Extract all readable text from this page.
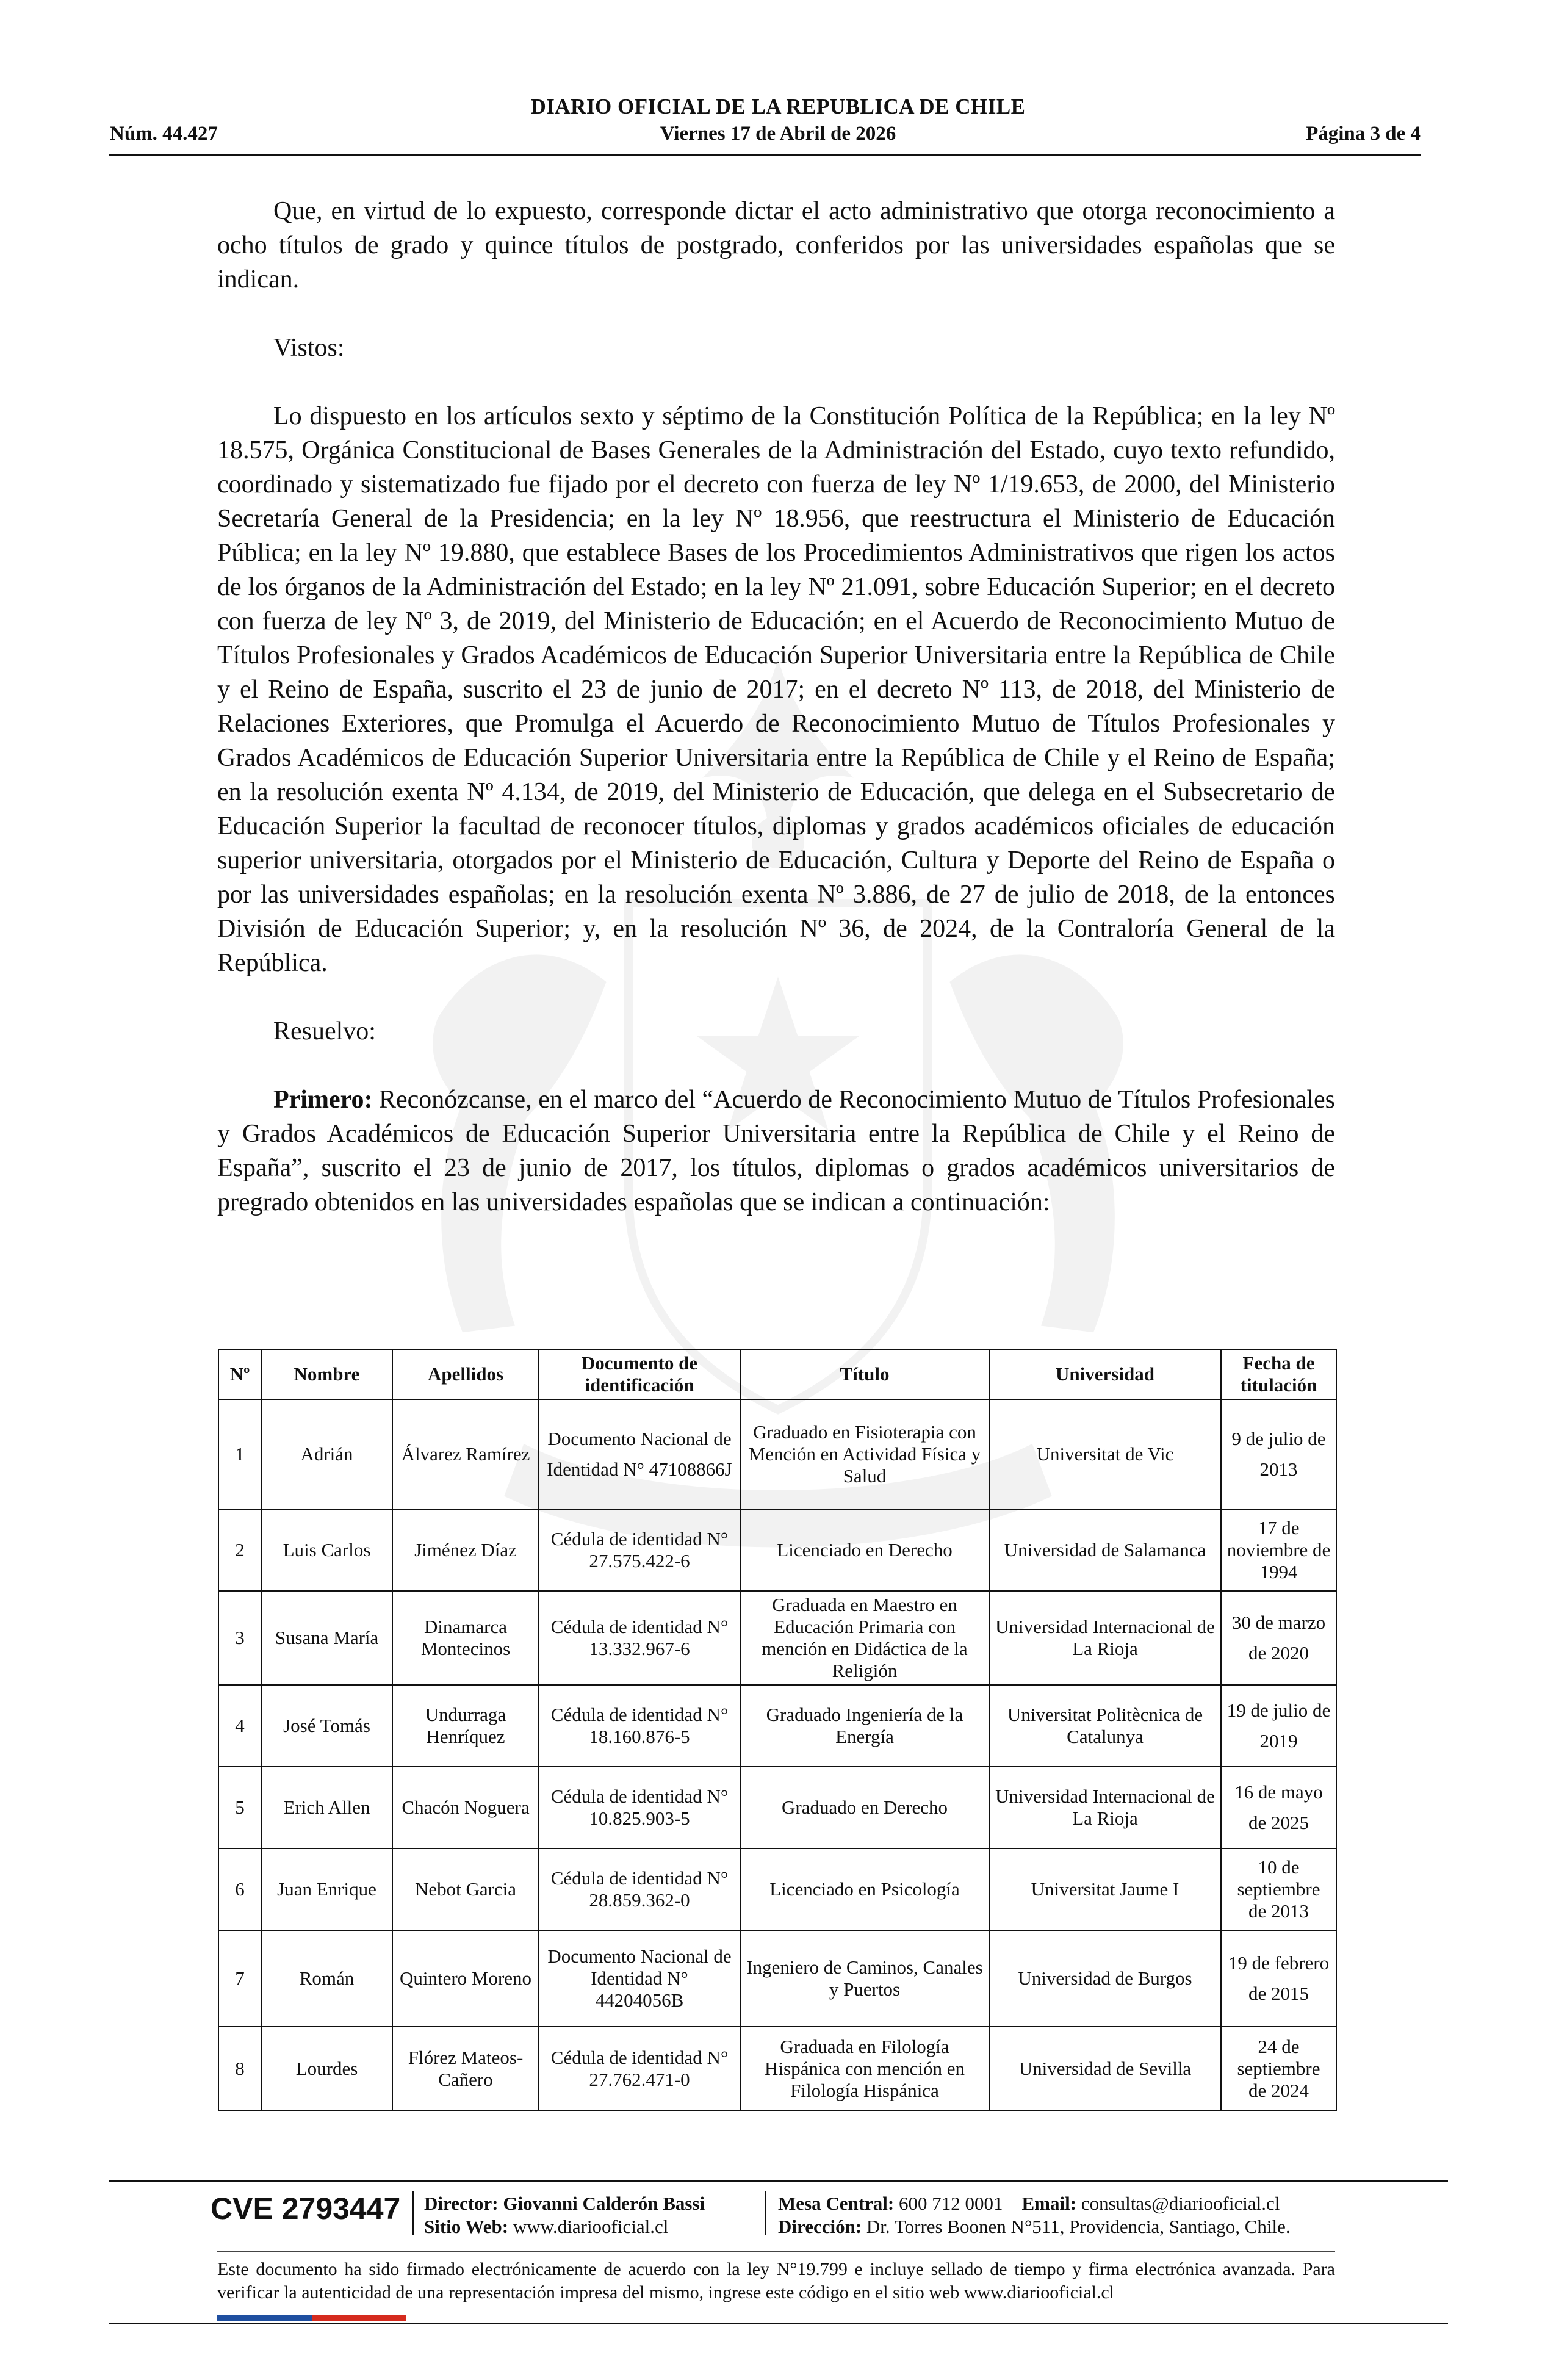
DIARIO OFICIAL DE LA REPUBLICA DE CHILE
Núm. 44.427	Viernes 17 de Abril de 2026	Página 3 de 4

Que, en virtud de lo expuesto, corresponde dictar el acto administrativo que otorga reconocimiento a ocho títulos de grado y quince títulos de postgrado, conferidos por las universidades españolas que se indican.

Vistos:

Lo dispuesto en los artículos sexto y séptimo de la Constitución Política de la República; en la ley Nº 18.575, Orgánica Constitucional de Bases Generales de la Administración del Estado, cuyo texto refundido, coordinado y sistematizado fue fijado por el decreto con fuerza de ley Nº 1/19.653, de 2000, del Ministerio Secretaría General de la Presidencia; en la ley Nº 18.956, que reestructura el Ministerio de Educación Pública; en la ley Nº 19.880, que establece Bases de los Procedimientos Administrativos que rigen los actos de los órganos de la Administración del Estado; en la ley Nº 21.091, sobre Educación Superior; en el decreto con fuerza de ley Nº 3, de 2019, del Ministerio de Educación; en el Acuerdo de Reconocimiento Mutuo de Títulos Profesionales y Grados Académicos de Educación Superior Universitaria entre la República de Chile y el Reino de España, suscrito el 23 de junio de 2017; en el decreto Nº 113, de 2018, del Ministerio de Relaciones Exteriores, que Promulga el Acuerdo de Reconocimiento Mutuo de Títulos Profesionales y Grados Académicos de Educación Superior Universitaria entre la República de Chile y el Reino de España; en la resolución exenta Nº 4.134, de 2019, del Ministerio de Educación, que delega en el Subsecretario de Educación Superior la facultad de reconocer títulos, diplomas y grados académicos oficiales de educación superior universitaria, otorgados por el Ministerio de Educación, Cultura y Deporte del Reino de España o por las universidades españolas; en la resolución exenta Nº 3.886, de 27 de julio de 2018, de la entonces División de Educación Superior; y, en la resolución Nº 36, de 2024, de la Contraloría General de la República.

Resuelvo:

Primero: Reconózcanse, en el marco del “Acuerdo de Reconocimiento Mutuo de Títulos Profesionales y Grados Académicos de Educación Superior Universitaria entre la República de Chile y el Reino de España”, suscrito el 23 de junio de 2017, los títulos, diplomas o grados académicos universitarios de pregrado obtenidos en las universidades españolas que se indican a continuación:

Nº	Nombre	Apellidos	Documento de identificación	Título	Universidad	Fecha de titulación
1	Adrián	Álvarez Ramírez	Documento Nacional de Identidad N° 47108866J	Graduado en Fisioterapia con Mención en Actividad Física y Salud	Universitat de Vic	9 de julio de 2013
2	Luis Carlos	Jiménez Díaz	Cédula de identidad N° 27.575.422-6	Licenciado en Derecho	Universidad de Salamanca	17 de noviembre de 1994
3	Susana María	Dinamarca Montecinos	Cédula de identidad N° 13.332.967-6	Graduada en Maestro en Educación Primaria con mención en Didáctica de la Religión	Universidad Internacional de La Rioja	30 de marzo de 2020
4	José Tomás	Undurraga Henríquez	Cédula de identidad N° 18.160.876-5	Graduado Ingeniería de la Energía	Universitat Politècnica de Catalunya	19 de julio de 2019
5	Erich Allen	Chacón Noguera	Cédula de identidad N° 10.825.903-5	Graduado en Derecho	Universidad Internacional de La Rioja	16 de mayo de 2025
6	Juan Enrique	Nebot Garcia	Cédula de identidad N° 28.859.362-0	Licenciado en Psicología	Universitat Jaume I	10 de septiembre de 2013
7	Román	Quintero Moreno	Documento Nacional de Identidad N° 44204056B	Ingeniero de Caminos, Canales y Puertos	Universidad de Burgos	19 de febrero de 2015
8	Lourdes	Flórez Mateos-Cañero	Cédula de identidad N° 27.762.471-0	Graduada en Filología Hispánica con mención en Filología Hispánica	Universidad de Sevilla	24 de septiembre de 2024
CVE 2793447 Director: Giovanni Calderón Bassi
Sitio Web: www.diariooficial.cl
Mesa Central: 600 712 0001 Email: consultas@diariooficial.cl
Dirección: Dr. Torres Boonen N°511, Providencia, Santiago, Chile.
Este documento ha sido firmado electrónicamente de acuerdo con la ley N°19.799 e incluye sellado de tiempo y firma electrónica avanzada. Para verificar la autenticidad de una representación impresa del mismo, ingrese este código en el sitio web www.diariooficial.cl
